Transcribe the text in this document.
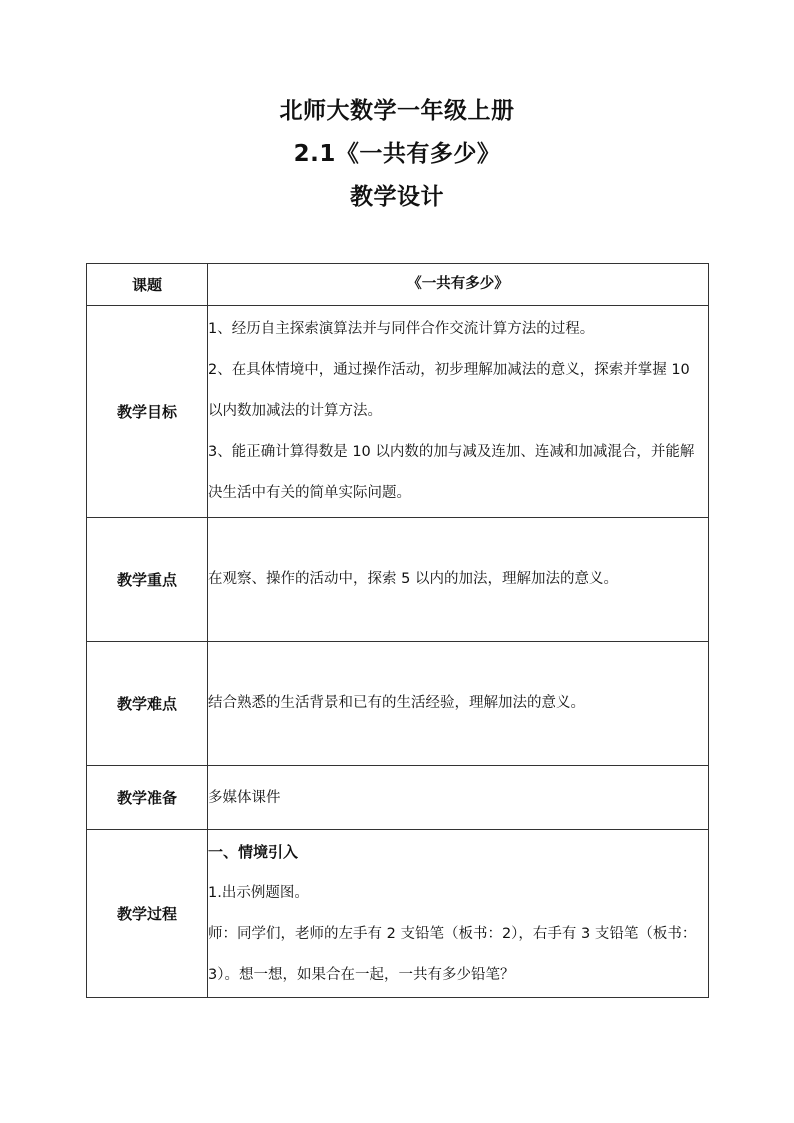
北师大数学一年级上册
2.1《一共有多少》
教学设计
课题	《一共有多少》
教学目标	1、经历自主探索演算法并与同伴合作交流计算方法的过程。

2、在具体情境中，通过操作活动，初步理解加减法的意义，探索并掌握 10 以内数加减法的计算方法。

3、能正确计算得数是 10 以内数的加与减及连加、连减和加减混合，并能解决生活中有关的简单实际问题。

教学重点	在观察、操作的活动中，探索 5 以内的加法，理解加法的意义。
教学难点	结合熟悉的生活背景和已有的生活经验，理解加法的意义。
教学准备	多媒体课件
教学过程	一、情境引入

1.出示例题图。

师：同学们，老师的左手有 2 支铅笔（板书：2），右手有 3 支铅笔（板书：3）。想一想，如果合在一起，一共有多少铅笔？
